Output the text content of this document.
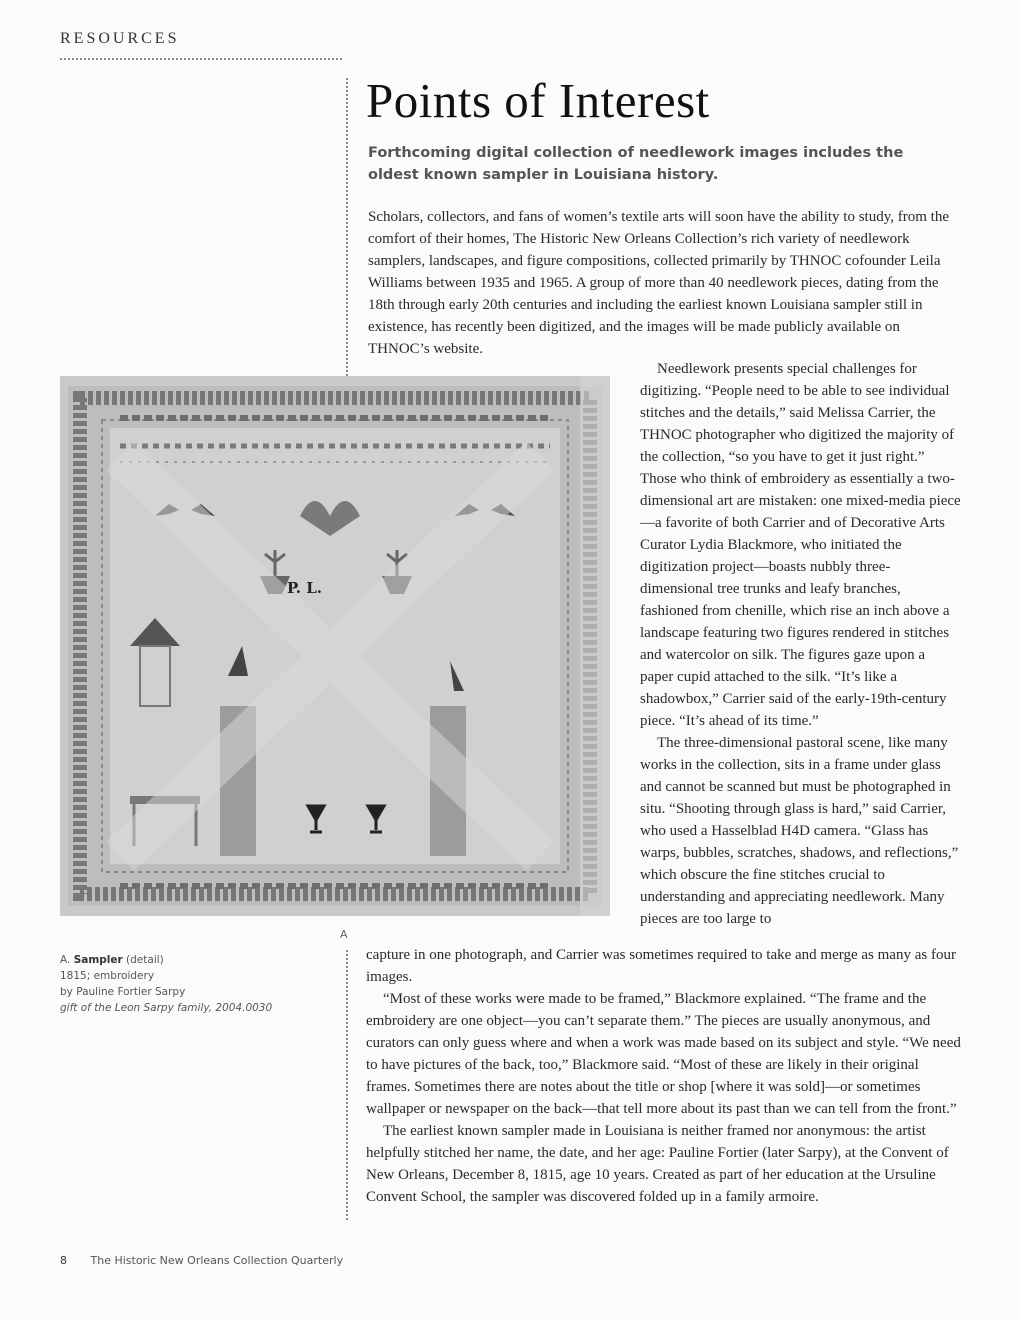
RESOURCES
Points of Interest

Forthcoming digital collection of needlework images includes the oldest known sampler in Louisiana history.

Scholars, collectors, and fans of women’s textile arts will soon have the ability to study, from the comfort of their homes, The Historic New Orleans Collection’s rich variety of needlework samplers, landscapes, and figure compositions, collected primarily by THNOC cofounder Leila Williams between 1935 and 1965. A group of more than 40 needlework pieces, dating from the 18th through early 20th centuries and including the earliest known Louisiana sampler still in existence, has recently been digitized, and the images will be made publicly available on THNOC’s website.

P. L.
A
A. Sampler (detail)
1815; embroidery
by Pauline Fortier Sarpy
gift of the Leon Sarpy family, 2004.0030

Needlework presents special challenges for digitizing. “People need to be able to see individual stitches and the details,” said Melissa Carrier, the THNOC photographer who digitized the majority of the collection, “so you have to get it just right.” Those who think of embroidery as essentially a two-dimensional art are mistaken: one mixed-media piece—a favorite of both Carrier and of Decorative Arts Curator Lydia Blackmore, who initiated the digitization project—boasts nubbly three-dimensional tree trunks and leafy branches, fashioned from chenille, which rise an inch above a landscape featuring two figures rendered in stitches and watercolor on silk. The figures gaze upon a paper cupid attached to the silk. “It’s like a shadowbox,” Carrier said of the early-19th-century piece. “It’s ahead of its time.”

The three-dimensional pastoral scene, like many works in the collection, sits in a frame under glass and cannot be scanned but must be photographed in situ. “Shooting through glass is hard,” said Carrier, who used a Hasselblad H4D camera. “Glass has warps, bubbles, scratches, shadows, and reflections,” which obscure the fine stitches crucial to understanding and appreciating needlework. Many pieces are too large to

capture in one photograph, and Carrier was sometimes required to take and merge as many as four images.

“Most of these works were made to be framed,” Blackmore explained. “The frame and the embroidery are one object—you can’t separate them.” The pieces are usually anonymous, and curators can only guess where and when a work was made based on its subject and style. “We need to have pictures of the back, too,” Blackmore said. “Most of these are likely in their original frames. Sometimes there are notes about the title or shop [where it was sold]—or sometimes wallpaper or newspaper on the back—that tell more about its past than we can tell from the front.”

The earliest known sampler made in Louisiana is neither framed nor anonymous: the artist helpfully stitched her name, the date, and her age: Pauline Fortier (later Sarpy), at the Convent of New Orleans, December 8, 1815, age 10 years. Created as part of her education at the Ursuline Convent School, the sampler was discovered folded up in a family armoire.

8 The Historic New Orleans Collection Quarterly
